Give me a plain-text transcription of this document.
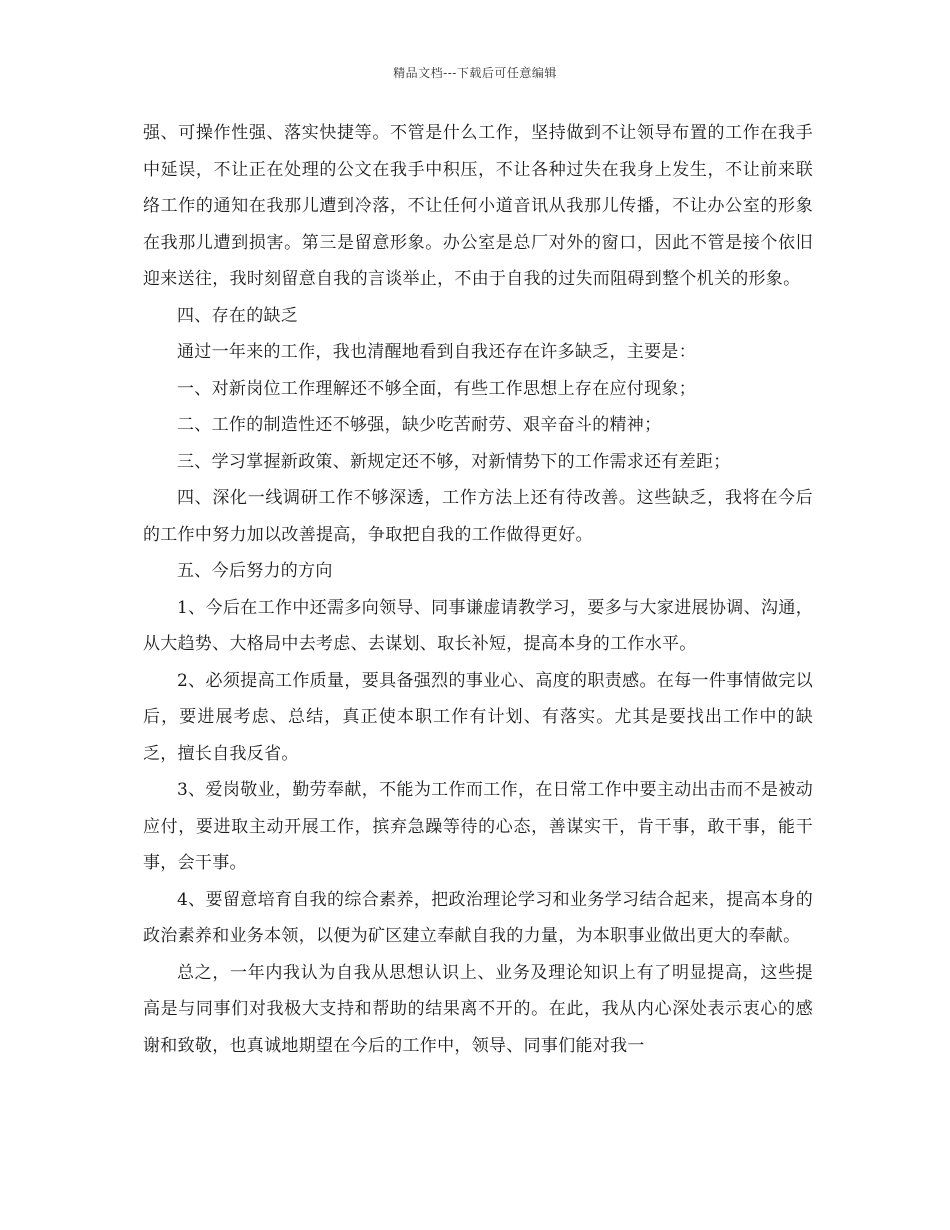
精品文档---下载后可任意编辑

强、可操作性强、落实快捷等。不管是什么工作，坚持做到不让领导布置的工作在我手中延误，不让正在处理的公文在我手中积压，不让各种过失在我身上发生，不让前来联络工作的通知在我那儿遭到冷落，不让任何小道音讯从我那儿传播，不让办公室的形象在我那儿遭到损害。第三是留意形象。办公室是总厂对外的窗口，因此不管是接个依旧迎来送往，我时刻留意自我的言谈举止，不由于自我的过失而阻碍到整个机关的形象。

四、存在的缺乏

通过一年来的工作，我也清醒地看到自我还存在许多缺乏，主要是：

一、对新岗位工作理解还不够全面，有些工作思想上存在应付现象；

二、工作的制造性还不够强，缺少吃苦耐劳、艰辛奋斗的精神；

三、学习掌握新政策、新规定还不够，对新情势下的工作需求还有差距；

四、深化一线调研工作不够深透，工作方法上还有待改善。这些缺乏，我将在今后的工作中努力加以改善提高，争取把自我的工作做得更好。

五、今后努力的方向

1、今后在工作中还需多向领导、同事谦虚请教学习，要多与大家进展协调、沟通，从大趋势、大格局中去考虑、去谋划、取长补短，提高本身的工作水平。

2、必须提高工作质量，要具备强烈的事业心、高度的职责感。在每一件事情做完以后，要进展考虑、总结，真正使本职工作有计划、有落实。尤其是要找出工作中的缺乏，擅长自我反省。

3、爱岗敬业，勤劳奉献，不能为工作而工作，在日常工作中要主动出击而不是被动应付，要进取主动开展工作，摈弃急躁等待的心态，善谋实干，肯干事，敢干事，能干事，会干事。

4、要留意培育自我的综合素养，把政治理论学习和业务学习结合起来，提高本身的政治素养和业务本领，以便为矿区建立奉献自我的力量，为本职事业做出更大的奉献。

总之，一年内我认为自我从思想认识上、业务及理论知识上有了明显提高，这些提高是与同事们对我极大支持和帮助的结果离不开的。在此，我从内心深处表示衷心的感谢和致敬，也真诚地期望在今后的工作中，领导、同事们能对我一
